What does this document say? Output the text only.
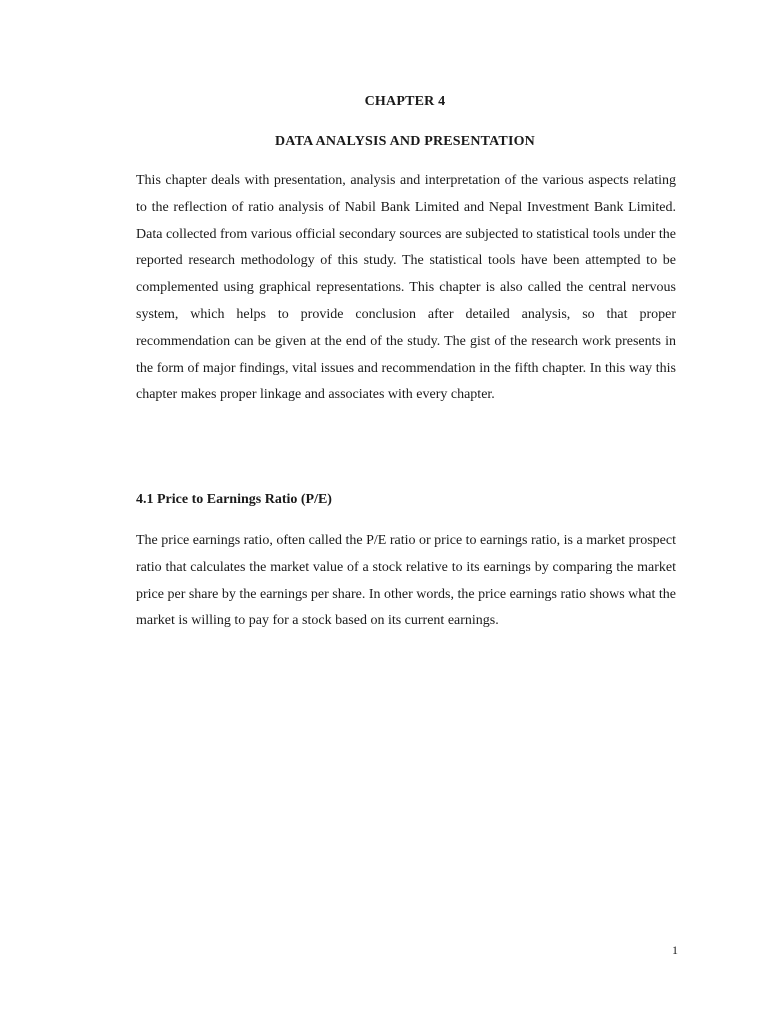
CHAPTER 4
DATA ANALYSIS AND PRESENTATION

This chapter deals with presentation, analysis and interpretation of the various aspects relating to the reflection of ratio analysis of Nabil Bank Limited and Nepal Investment Bank Limited. Data collected from various official secondary sources are subjected to statistical tools under the reported research methodology of this study. The statistical tools have been attempted to be complemented using graphical representations. This chapter is also called the central nervous system, which helps to provide conclusion after detailed analysis, so that proper recommendation can be given at the end of the study. The gist of the research work presents in the form of major findings, vital issues and recommendation in the fifth chapter. In this way this chapter makes proper linkage and associates with every chapter.

4.1 Price to Earnings Ratio (P/E)

The price earnings ratio, often called the P/E ratio or price to earnings ratio, is a market prospect ratio that calculates the market value of a stock relative to its earnings by comparing the market price per share by the earnings per share. In other words, the price earnings ratio shows what the market is willing to pay for a stock based on its current earnings.

1
